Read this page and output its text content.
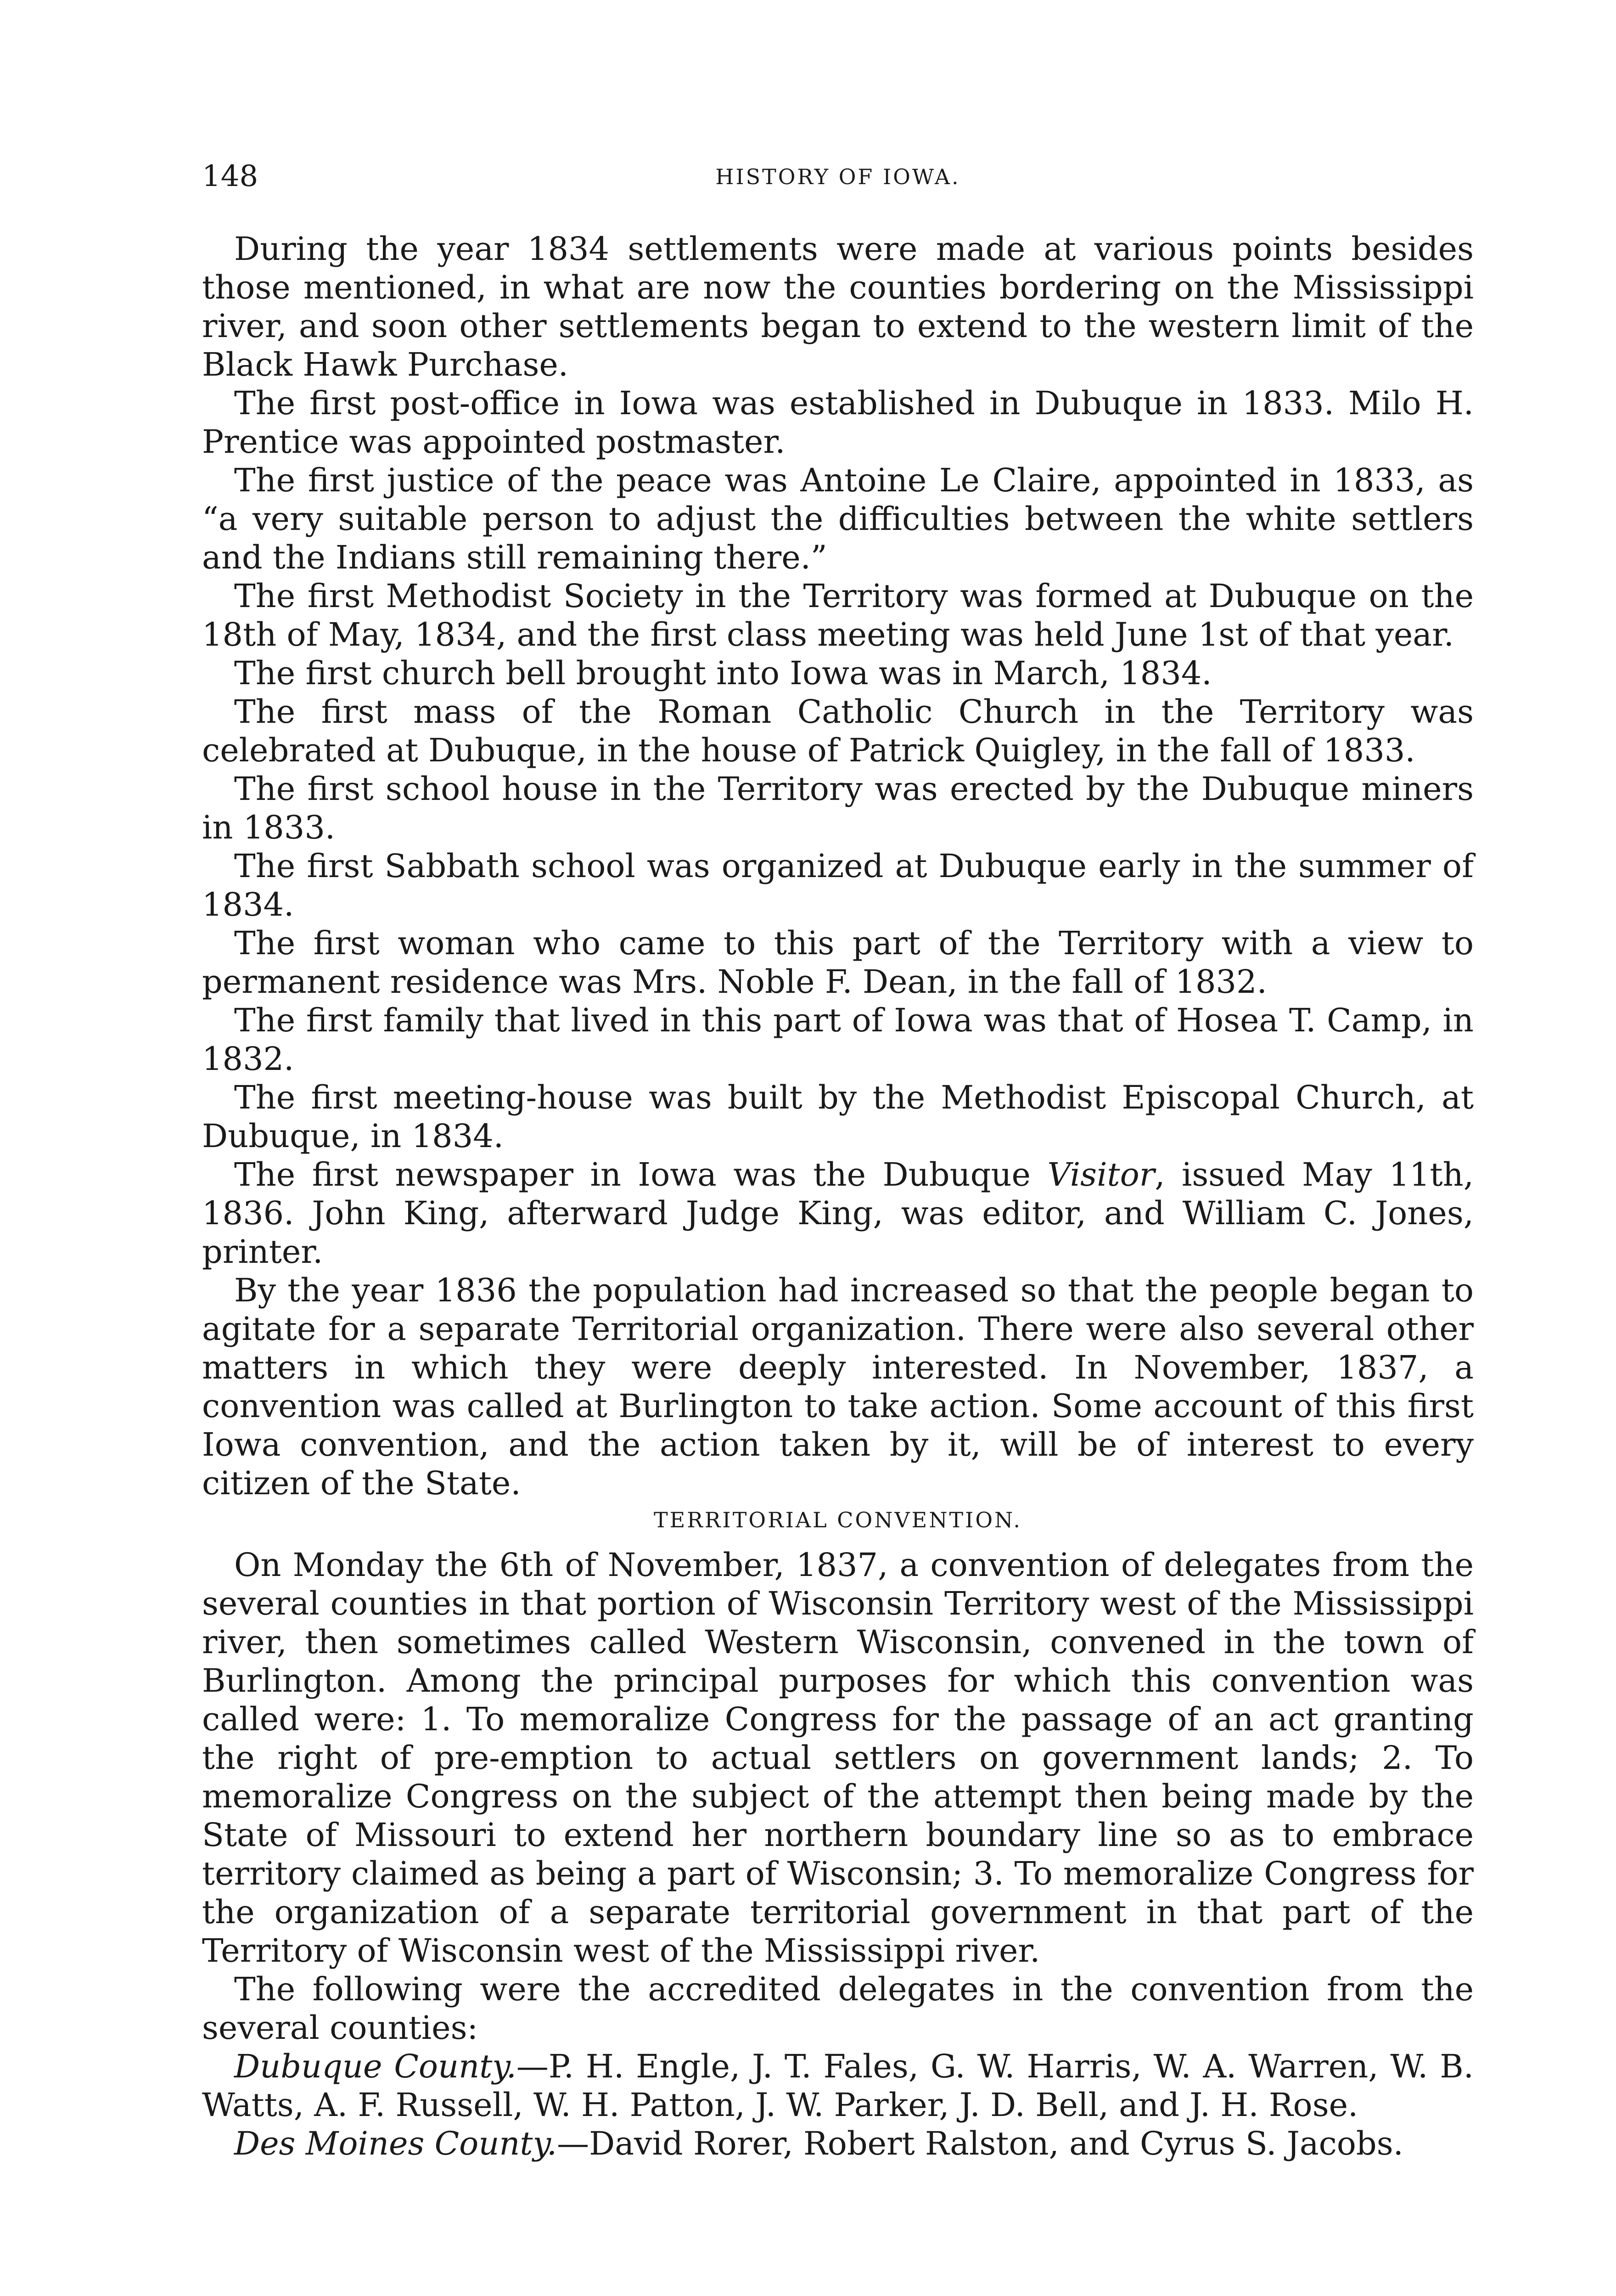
148	HISTORY OF IOWA.

During the year 1834 settlements were made at various points besides those mentioned, in what are now the counties bordering on the Mississippi river, and soon other settlements began to extend to the western limit of the Black Hawk Purchase.

The first post-office in Iowa was established in Dubuque in 1833. Milo H. Prentice was appointed postmaster.

The first justice of the peace was Antoine Le Claire, appointed in 1833, as “a very suitable person to adjust the difficulties between the white settlers and the Indians still remaining there.”

The first Methodist Society in the Territory was formed at Dubuque on the 18th of May, 1834, and the first class meeting was held June 1st of that year.

The first church bell brought into Iowa was in March, 1834.

The first mass of the Roman Catholic Church in the Territory was celebrated at Dubuque, in the house of Patrick Quigley, in the fall of 1833.

The first school house in the Territory was erected by the Dubuque miners in 1833.

The first Sabbath school was organized at Dubuque early in the summer of 1834.

The first woman who came to this part of the Territory with a view to permanent residence was Mrs. Noble F. Dean, in the fall of 1832.

The first family that lived in this part of Iowa was that of Hosea T. Camp, in 1832.

The first meeting-house was built by the Methodist Episcopal Church, at Dubuque, in 1834.

The first newspaper in Iowa was the Dubuque Visitor, issued May 11th, 1836. John King, afterward Judge King, was editor, and William C. Jones, printer.

By the year 1836 the population had increased so that the people began to agitate for a separate Territorial organization. There were also several other matters in which they were deeply interested. In November, 1837, a convention was called at Burlington to take action. Some account of this first Iowa convention, and the action taken by it, will be of interest to every citizen of the State.

TERRITORIAL CONVENTION.

On Monday the 6th of November, 1837, a convention of delegates from the several counties in that portion of Wisconsin Territory west of the Mississippi river, then sometimes called Western Wisconsin, convened in the town of Burlington. Among the principal purposes for which this convention was called were: 1. To memoralize Congress for the passage of an act granting the right of pre-emption to actual settlers on government lands; 2. To memoralize Congress on the subject of the attempt then being made by the State of Missouri to extend her northern boundary line so as to embrace territory claimed as being a part of Wisconsin; 3. To memoralize Congress for the organization of a separate territorial government in that part of the Territory of Wisconsin west of the Mississippi river.

The following were the accredited delegates in the convention from the several counties:

Dubuque County.—P. H. Engle, J. T. Fales, G. W. Harris, W. A. Warren, W. B. Watts, A. F. Russell, W. H. Patton, J. W. Parker, J. D. Bell, and J. H. Rose.

Des Moines County.—David Rorer, Robert Ralston, and Cyrus S. Jacobs.
